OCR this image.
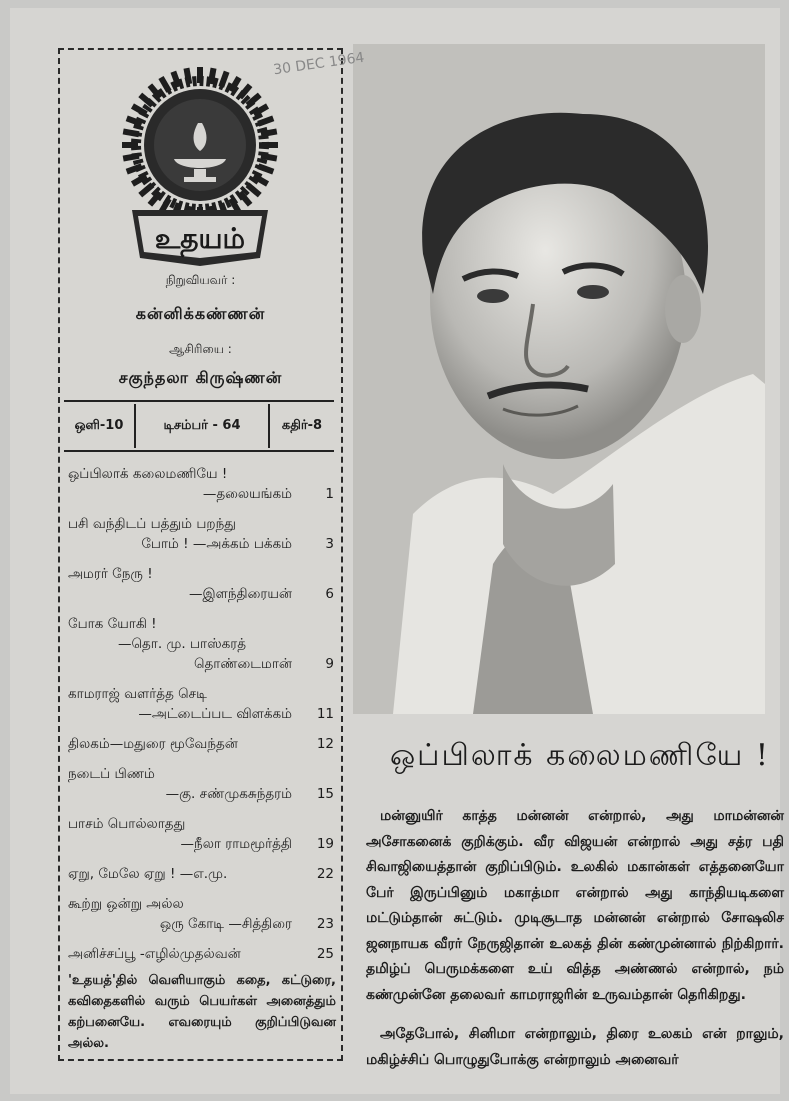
உதயம்
நிறுவியவர் :
கன்னிக்கண்ணன்
ஆசிரியை :
சகுந்தலா கிருஷ்ணன்
ஒளி-10	டிசம்பர் - 64	கதிர்-8
ஒப்பிலாக் கலைமணியே !
—தலையங்கம்	1
பசி வந்திடப் பத்தும் பறந்து
போம் ! —அக்கம் பக்கம்	3
அமரர் நேரு !
—இளந்திரையன்	6
போக யோகி !
—தொ. மு. பாஸ்கரத்
தொண்டைமான்	9
காமராஜ் வளர்த்த செடி
—அட்டைப்பட விளக்கம்	11
திலகம்—மதுரை மூவேந்தன்	12
நடைப் பிணம்
—கு. சண்முகசுந்தரம்	15
பாசம் பொல்லாதது
—நீலா ராமமூர்த்தி	19
ஏறு, மேலே ஏறு ! —எ.மு.	22
கூற்று ஒன்று அல்ல
ஒரு கோடி —சித்திரை	23
அனிச்சப்பூ -எழில்முதல்வன்	25
'உதயத்'தில் வெளியாகும் கதை, கட்டுரை, கவிதைகளில் வரும் பெயர்கள் அனைத்தும் கற்பனையே. எவரையும் குறிப்பிடுவன அல்ல.
30 DEC 1964
ஒப்பிலாக் கலைமணியே !

மன்னுயிர் காத்த மன்னன் என்றால், அது மாமன்னன் அசோகனைக் குறிக்கும். வீர விஜயன் என்றால் அது சத்ர பதி சிவாஜியைத்தான் குறிப்பிடும். உலகில் மகான்கள் எத்தனையோ பேர் இருப்பினும் மகாத்மா என்றால் அது காந்தியடிகளை மட்டும்தான் சுட்டும். முடிசூடாத மன்னன் என்றால் சோஷலிச ஜனநாயக வீரர் நேருஜிதான் உலகத் தின் கண்முன்னால் நிற்கிறார். தமிழ்ப் பெருமக்களை உய் வித்த அண்ணல் என்றால், நம் கண்முன்னே தலைவர் காமராஜரின் உருவம்தான் தெரிகிறது.

அதேபோல், சினிமா என்றாலும், திரை உலகம் என் றாலும், மகிழ்ச்சிப் பொழுதுபோக்கு என்றாலும் அனைவர்
